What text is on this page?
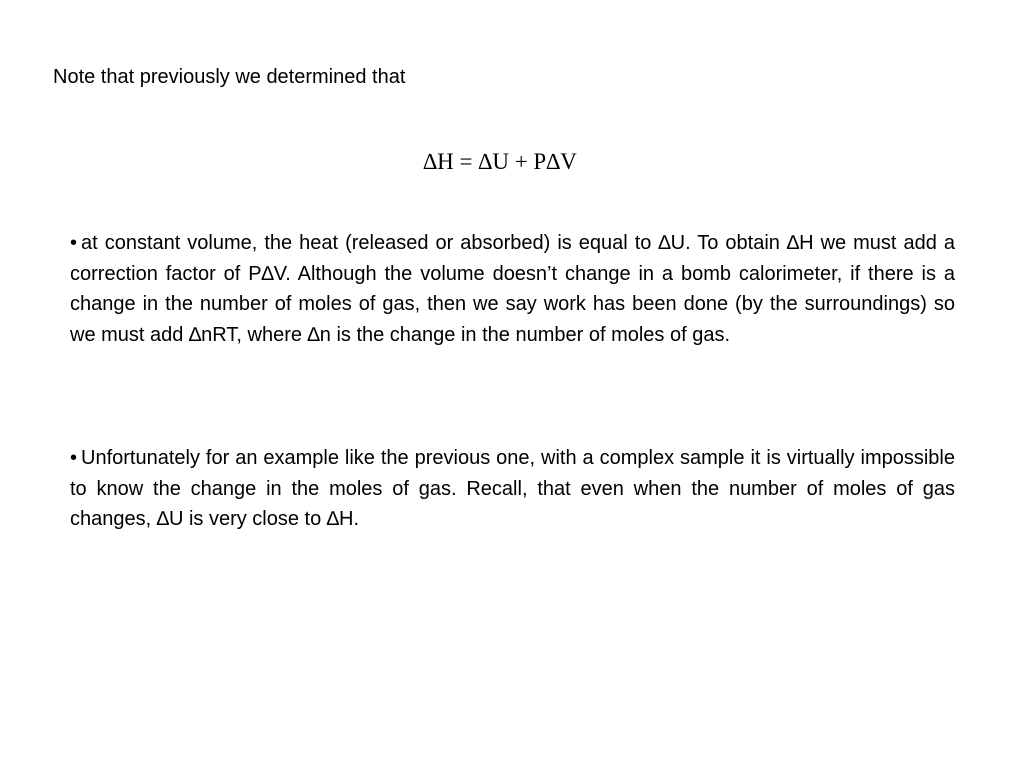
Note that previously we determined that
∆H = ∆U + P∆V
• at constant volume, the heat (released or absorbed) is equal to ∆U. To obtain ∆H we must add a correction factor of P∆V. Although the volume doesn’t change in a bomb calorimeter, if there is a change in the number of moles of gas, then we say work has been done (by the surroundings) so we must add ∆nRT, where ∆n is the change in the number of moles of gas.
• Unfortunately for an example like the previous one, with a complex sample it is virtually impossible to know the change in the moles of gas. Recall, that even when the number of moles of gas changes, ∆U is very close to ∆H.
